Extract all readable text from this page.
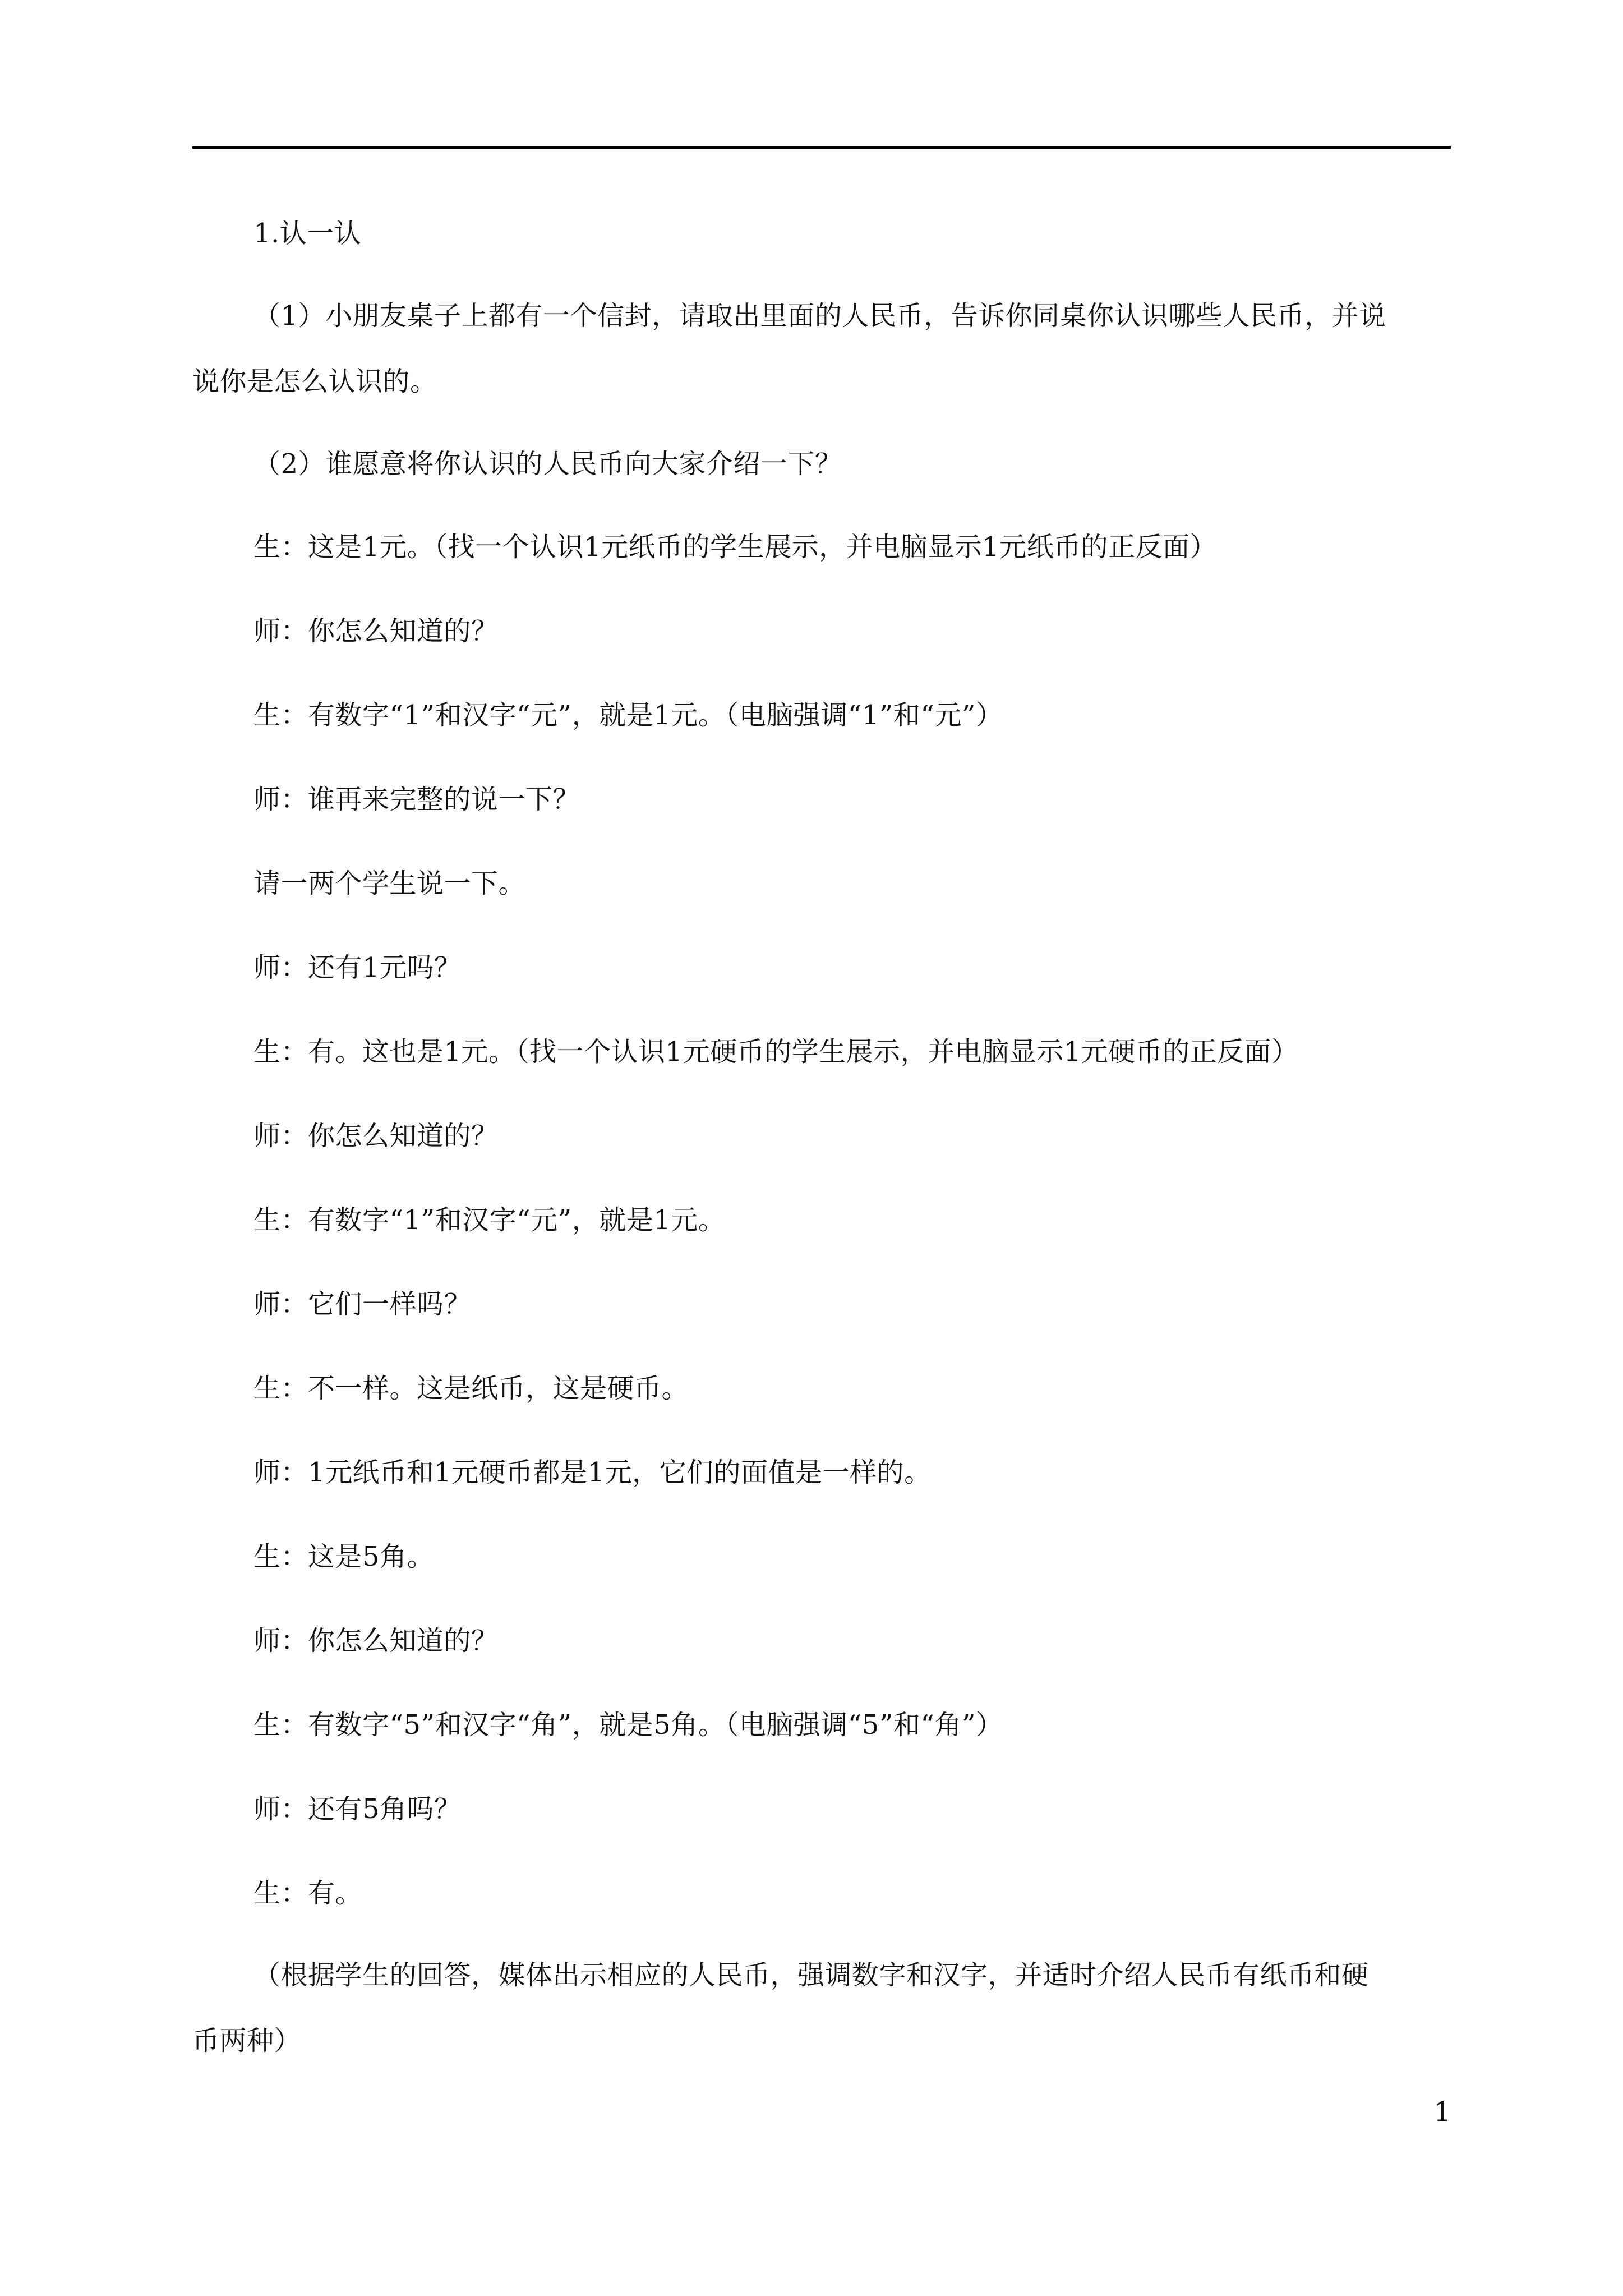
1.认一认
（1）小朋友桌子上都有一个信封，请取出里面的人民币，告诉你同桌你认识哪些人民币，并说
说你是怎么认识的。
（2）谁愿意将你认识的人民币向大家介绍一下？
生：这是1元。（找一个认识1元纸币的学生展示，并电脑显示1元纸币的正反面）
师：你怎么知道的？
生：有数字“1”和汉字“元”，就是1元。（电脑强调“1”和“元”）
师：谁再来完整的说一下？
请一两个学生说一下。
师：还有1元吗？
生：有。这也是1元。（找一个认识1元硬币的学生展示，并电脑显示1元硬币的正反面）
师：你怎么知道的？
生：有数字“1”和汉字“元”，就是1元。
师：它们一样吗？
生：不一样。这是纸币，这是硬币。
师：1元纸币和1元硬币都是1元，它们的面值是一样的。
生：这是5角。
师：你怎么知道的？
生：有数字“5”和汉字“角”，就是5角。（电脑强调“5”和“角”）
师：还有5角吗？
生：有。
（根据学生的回答，媒体出示相应的人民币，强调数字和汉字，并适时介绍人民币有纸币和硬
币两种）
1
